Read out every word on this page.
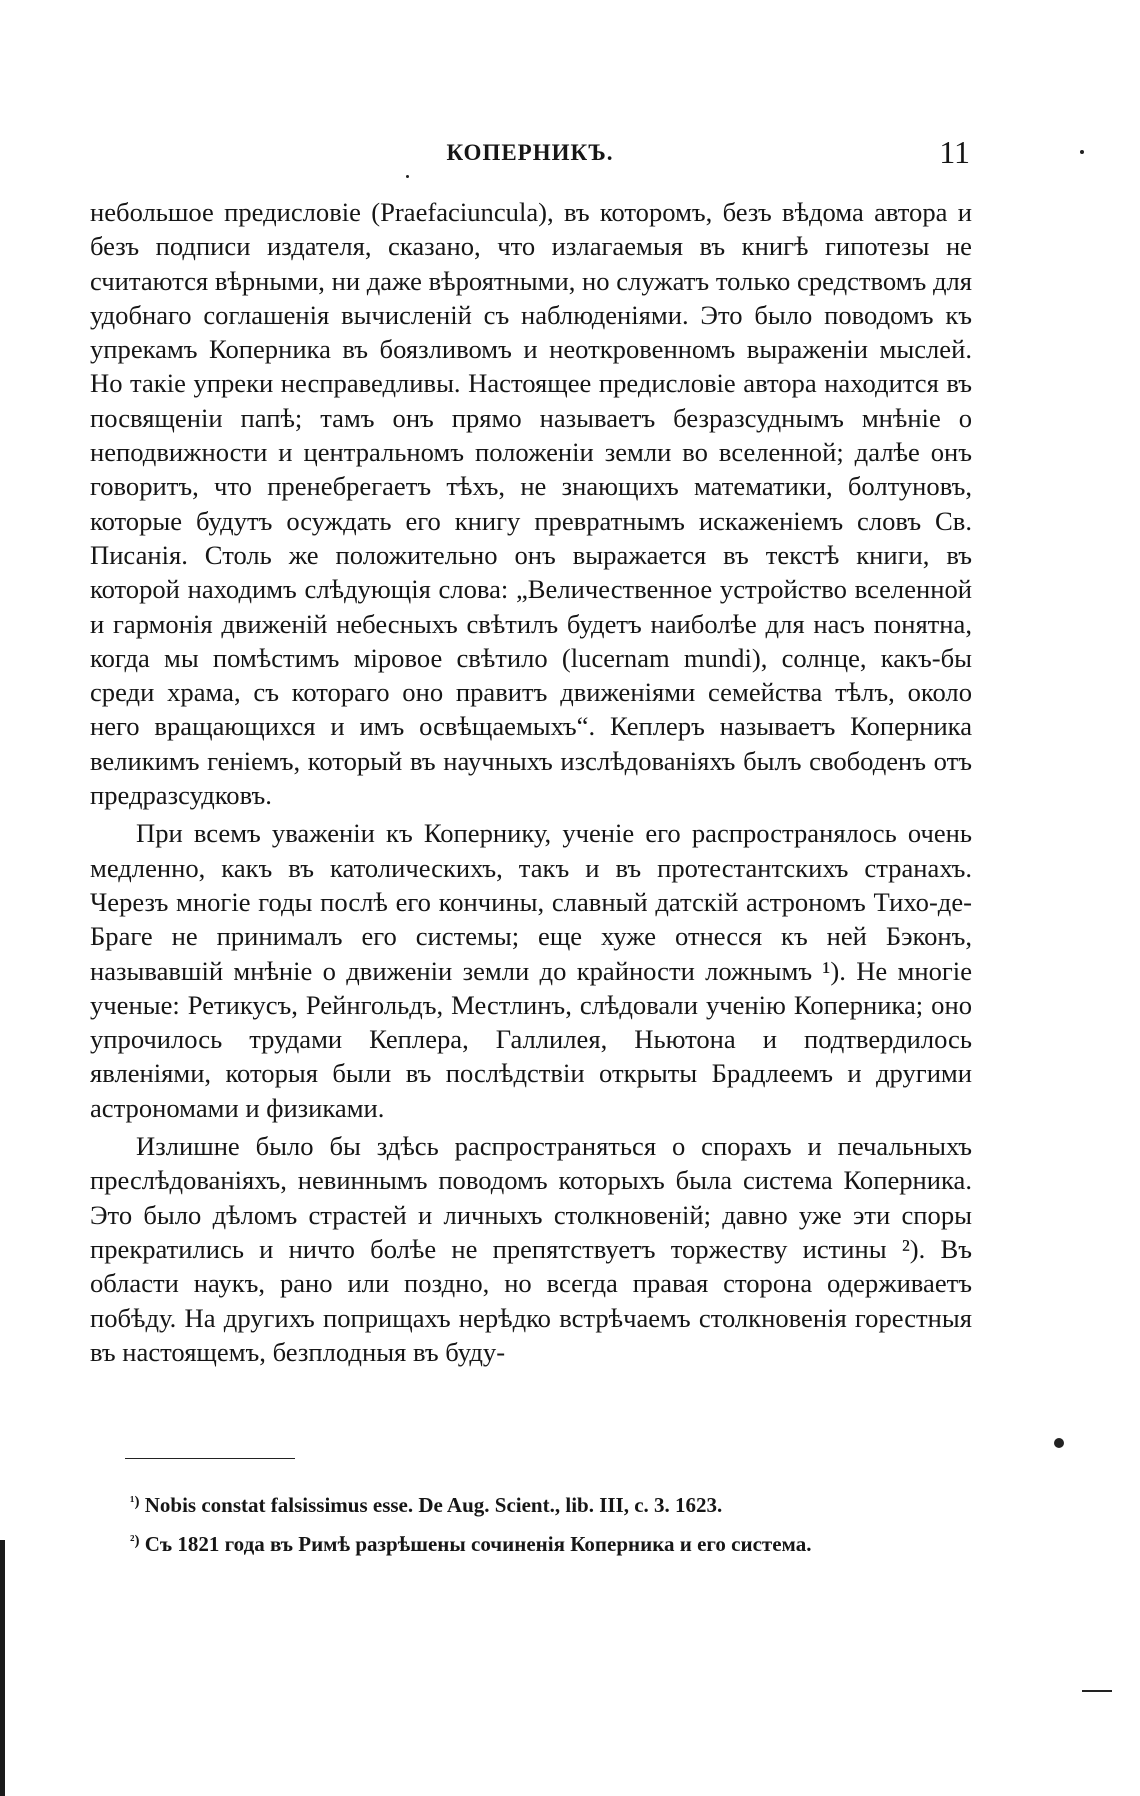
КОПЕРНИКЪ.	11

небольшое предисловіе (Praefaciuncula), въ которомъ, безъ вѣдома автора и безъ подписи издателя, сказано, что излагаемыя въ книгѣ гипотезы не считаются вѣрными, ни даже вѣроятными, но служатъ только средствомъ для удобнаго соглашенія вычисленій съ наблюденіями. Это было поводомъ къ упрекамъ Коперника въ боязливомъ и неоткровенномъ выраженіи мыслей. Но такіе упреки несправедливы. Настоящее предисловіе автора находится въ посвященіи папѣ; тамъ онъ прямо называетъ безразсуднымъ мнѣніе о неподвижности и центральномъ положеніи земли во вселенной; далѣе онъ говоритъ, что пренебрегаетъ тѣхъ, не знающихъ математики, болтуновъ, которые будутъ осуждать его книгу превратнымъ искаженіемъ словъ Св. Писанія. Столь же положительно онъ выражается въ текстѣ книги, въ которой находимъ слѣдующія слова: „Величественное устройство вселенной и гармонія движеній небесныхъ свѣтилъ будетъ наиболѣе для насъ понятна, когда мы помѣстимъ міровое свѣтило (lucernam mundi), солнце, какъ-бы среди храма, съ котораго оно правитъ движеніями семейства тѣлъ, около него вращающихся и имъ освѣщаемыхъ“. Кеплеръ называетъ Коперника великимъ геніемъ, который въ научныхъ изслѣдованіяхъ былъ свободенъ отъ предразсудковъ.

При всемъ уваженіи къ Копернику, ученіе его распространялось очень медленно, какъ въ католическихъ, такъ и въ протестантскихъ странахъ. Черезъ многіе годы послѣ его кончины, славный датскій астрономъ Тихо-де-Браге не принималъ его системы; еще хуже отнесся къ ней Бэконъ, называвшій мнѣніе о движеніи земли до крайности ложнымъ ¹). Не многіе ученые: Ретикусъ, Рейнгольдъ, Местлинъ, слѣдовали ученію Коперника; оно упрочилось трудами Кеплера, Галлилея, Ньютона и подтвердилось явленіями, которыя были въ послѣдствіи открыты Брадлеемъ и другими астрономами и физиками.

Излишне было бы здѣсь распространяться о спорахъ и печальныхъ преслѣдованіяхъ, невиннымъ поводомъ которыхъ была система Коперника. Это было дѣломъ страстей и личныхъ столкновеній; давно уже эти споры прекратились и ничто болѣе не препятствуетъ торжеству истины ²). Въ области наукъ, рано или поздно, но всегда правая сторона одерживаетъ побѣду. На другихъ поприщахъ нерѣдко встрѣчаемъ столкновенія горестныя въ настоящемъ, безплодныя въ буду-

$^{^1)}$ Nobis constat falsissimus esse. De Aug. Scient., lib. III, c. 3. 1623.
$^{^2)}$ Съ 1821 года въ Римѣ разрѣшены сочиненія Коперника и его система.
